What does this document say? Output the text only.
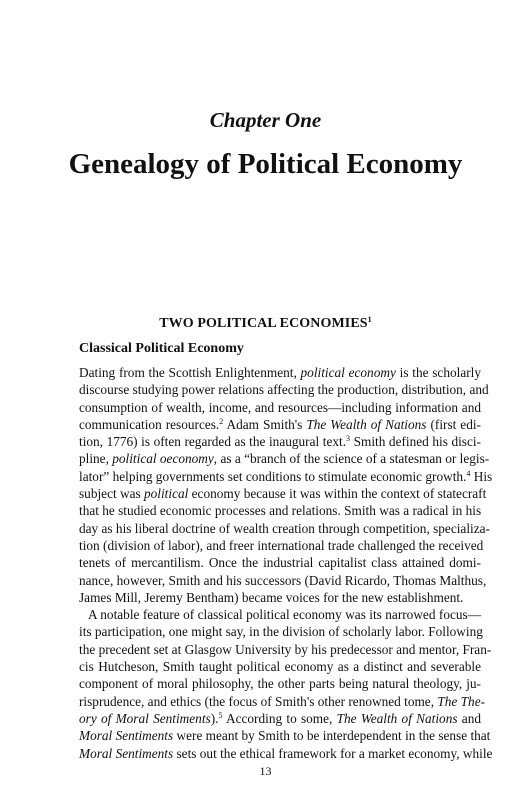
Chapter One
Genealogy of Political Economy
TWO POLITICAL ECONOMIES$^1$
Classical Political Economy
Dating from the Scottish Enlightenment, political economy is the scholarly
discourse studying power relations affecting the production, distribution, and
consumption of wealth, income, and resources—including information and
communication resources.$^2$ Adam Smith's The Wealth of Nations (first edi-
tion, 1776) is often regarded as the inaugural text.$^3$ Smith defined his disci-
pline, political oeconomy, as a “branch of the science of a statesman or legis-
lator” helping governments set conditions to stimulate economic growth.$^4$ His
subject was political economy because it was within the context of statecraft
that he studied economic processes and relations. Smith was a radical in his
day as his liberal doctrine of wealth creation through competition, specializa-
tion (division of labor), and freer international trade challenged the received
tenets of mercantilism. Once the industrial capitalist class attained domi-
nance, however, Smith and his successors (David Ricardo, Thomas Malthus,
James Mill, Jeremy Bentham) became voices for the new establishment.
A notable feature of classical political economy was its narrowed focus—
its participation, one might say, in the division of scholarly labor. Following
the precedent set at Glasgow University by his predecessor and mentor, Fran-
cis Hutcheson, Smith taught political economy as a distinct and severable
component of moral philosophy, the other parts being natural theology, ju-
risprudence, and ethics (the focus of Smith's other renowned tome, The The-
ory of Moral Sentiments).$^5$ According to some, The Wealth of Nations and
Moral Sentiments were meant by Smith to be interdependent in the sense that
Moral Sentiments sets out the ethical framework for a market economy, while
13
